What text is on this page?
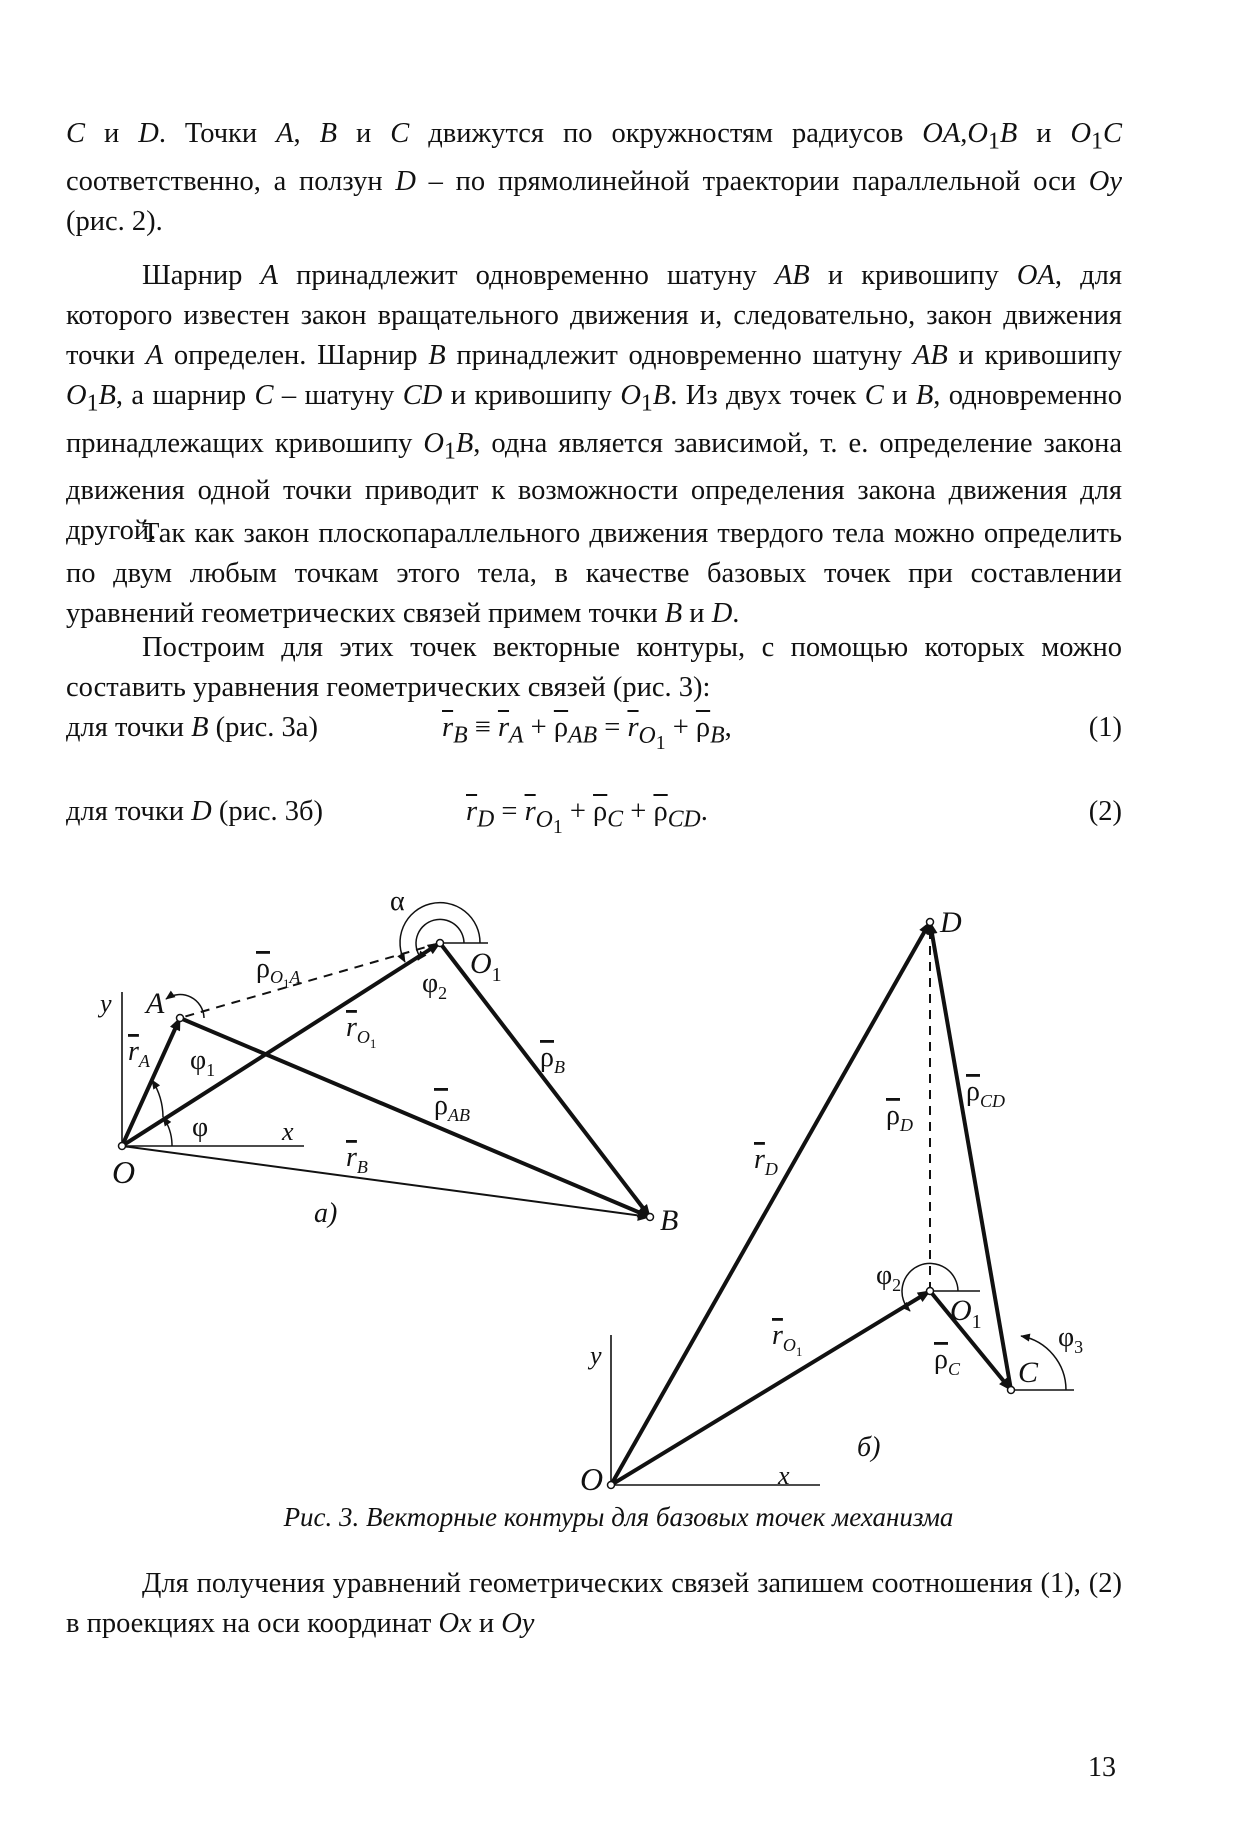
C и D. Точки A, B и C движутся по окружностям радиусов $OA,O_1B$ и $O_1C$ соответственно, а ползун D – по прямолинейной траектории параллельной оси Oy (рис. 2).
Шарнир A принадлежит одновременно шатуну AB и кривошипу OA, для которого известен закон вращательного движения и, следовательно, закон движения точки A определен. Шарнир B принадлежит одновременно шатуну AB и кривошипу $O_1B$, а шарнир C – шатуну CD и кривошипу $O_1B$. Из двух точек C и B, одновременно принадлежащих кривошипу $O_1B$, одна является зависимой, т. е. определение закона движения одной точки приводит к возможности определения закона движения для другой.
Так как закон плоскопараллельного движения твердого тела можно определить по двум любым точкам этого тела, в качестве базовых точек при составлении уравнений геометрических связей примем точки B и D.
Построим для этих точек векторные контуры, с помощью которых можно составить уравнения геометрических связей (рис. 3):
для точки B (рис. 3а)	$\overline{r}_B \equiv \overline{r}_A + \overline{\rho}_{AB} = \overline{r}_{O_1} + \overline{\rho}_B$,	(1)
для точки D (рис. 3б)	$\overline{r}_D = \overline{r}_{O_1} + \overline{\rho}_C + \overline{\rho}_{CD}$.	(2)
O
A
B
$O_1$
y
x
α
φ
$\varphi_1$
$\varphi_2$
$\rho_O1A$
$r_A$
$r_O1$	$\rho_B$
$\rho_{AB}$
$r_B$
а)
O
D
C
$O_1$
y
x
$\varphi_2$
$\varphi_3$
$\rho_D$
$\rho_{CD}$
$r_D$
$r_O1$	$\rho_C$
б)
Рис. 3. Векторные контуры для базовых точек механизма
Для получения уравнений геометрических связей запишем соотношения (1), (2) в проекциях на оси координат Ox и Oy
13
